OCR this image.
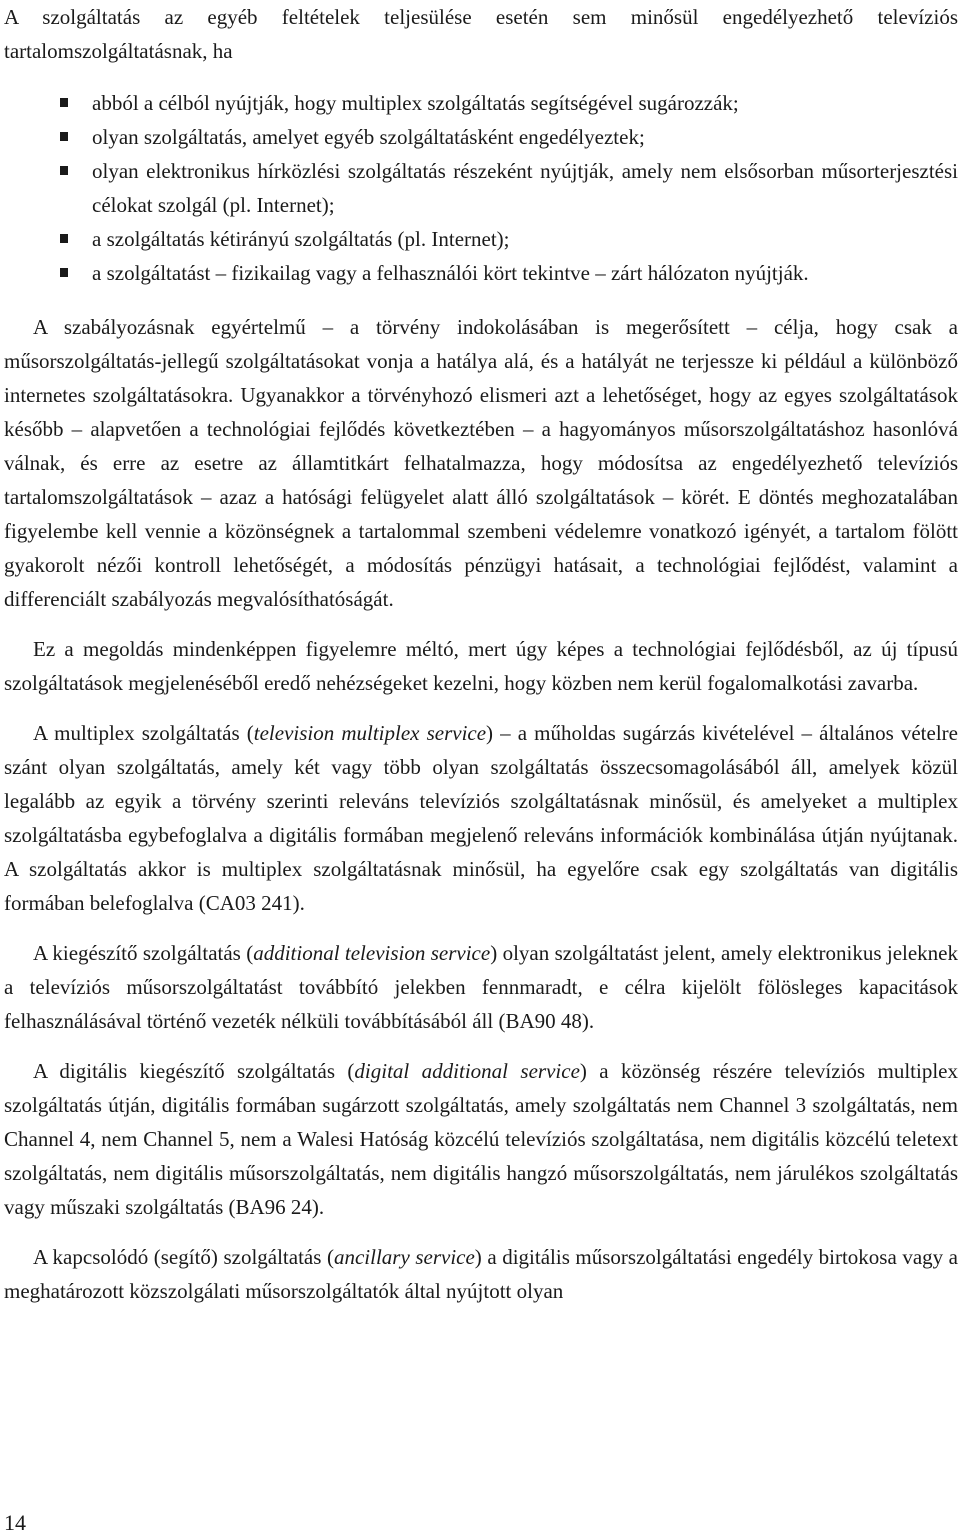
A szolgáltatás az egyéb feltételek teljesülése esetén sem minősül engedélyezhető televíziós tartalomszolgáltatásnak, ha

abból a célból nyújtják, hogy multiplex szolgáltatás segítségével sugározzák;
olyan szolgáltatás, amelyet egyéb szolgáltatásként engedélyeztek;
olyan elektronikus hírközlési szolgáltatás részeként nyújtják, amely nem elsősorban műsorterjesztési célokat szolgál (pl. Internet);
a szolgáltatás kétirányú szolgáltatás (pl. Internet);
a szolgáltatást – fizikailag vagy a felhasználói kört tekintve – zárt hálózaton nyújtják.

A szabályozásnak egyértelmű – a törvény indokolásában is megerősített – célja, hogy csak a műsorszolgáltatás-jellegű szolgáltatásokat vonja a hatálya alá, és a hatályát ne terjessze ki például a különböző internetes szolgáltatásokra. Ugyanakkor a törvényhozó elismeri azt a lehetőséget, hogy az egyes szolgáltatások később – alapvetően a technológiai fejlődés következtében – a hagyományos műsorszolgáltatáshoz hasonlóvá válnak, és erre az esetre az államtitkárt felhatalmazza, hogy módosítsa az engedélyezhető televíziós tartalomszolgáltatások – azaz a hatósági felügyelet alatt álló szolgáltatások – körét. E döntés meghozatalában figyelembe kell vennie a közönségnek a tartalommal szembeni védelemre vonatkozó igényét, a tartalom fölött gyakorolt nézői kontroll lehetőségét, a módosítás pénzügyi hatásait, a technológiai fejlődést, valamint a differenciált szabályozás megvalósíthatóságát.

Ez a megoldás mindenképpen figyelemre méltó, mert úgy képes a technológiai fejlődésből, az új típusú szolgáltatások megjelenéséből eredő nehézségeket kezelni, hogy közben nem kerül fogalomalkotási zavarba.

A multiplex szolgáltatás (television multiplex service) – a műholdas sugárzás kivételével – általános vételre szánt olyan szolgáltatás, amely két vagy több olyan szolgáltatás összecsomagolásából áll, amelyek közül legalább az egyik a törvény szerinti releváns televíziós szolgáltatásnak minősül, és amelyeket a multiplex szolgáltatásba egybefoglalva a digitális formában megjelenő releváns információk kombinálása útján nyújtanak. A szolgáltatás akkor is multiplex szolgáltatásnak minősül, ha egyelőre csak egy szolgáltatás van digitális formában belefoglalva (CA03 241).

A kiegészítő szolgáltatás (additional television service) olyan szolgáltatást jelent, amely elektronikus jeleknek a televíziós műsorszolgáltatást továbbító jelekben fennmaradt, e célra kijelölt fölösleges kapacitások felhasználásával történő vezeték nélküli továbbításából áll (BA90 48).

A digitális kiegészítő szolgáltatás (digital additional service) a közönség részére televíziós multiplex szolgáltatás útján, digitális formában sugárzott szolgáltatás, amely szolgáltatás nem Channel 3 szolgáltatás, nem Channel 4, nem Channel 5, nem a Walesi Hatóság közcélú televíziós szolgáltatása, nem digitális közcélú teletext szolgáltatás, nem digitális műsorszolgáltatás, nem digitális hangzó műsorszolgáltatás, nem járulékos szolgáltatás vagy műszaki szolgáltatás (BA96 24).

A kapcsolódó (segítő) szolgáltatás (ancillary service) a digitális műsorszolgáltatási engedély birtokosa vagy a meghatározott közszolgálati műsorszolgáltatók által nyújtott olyan

14
